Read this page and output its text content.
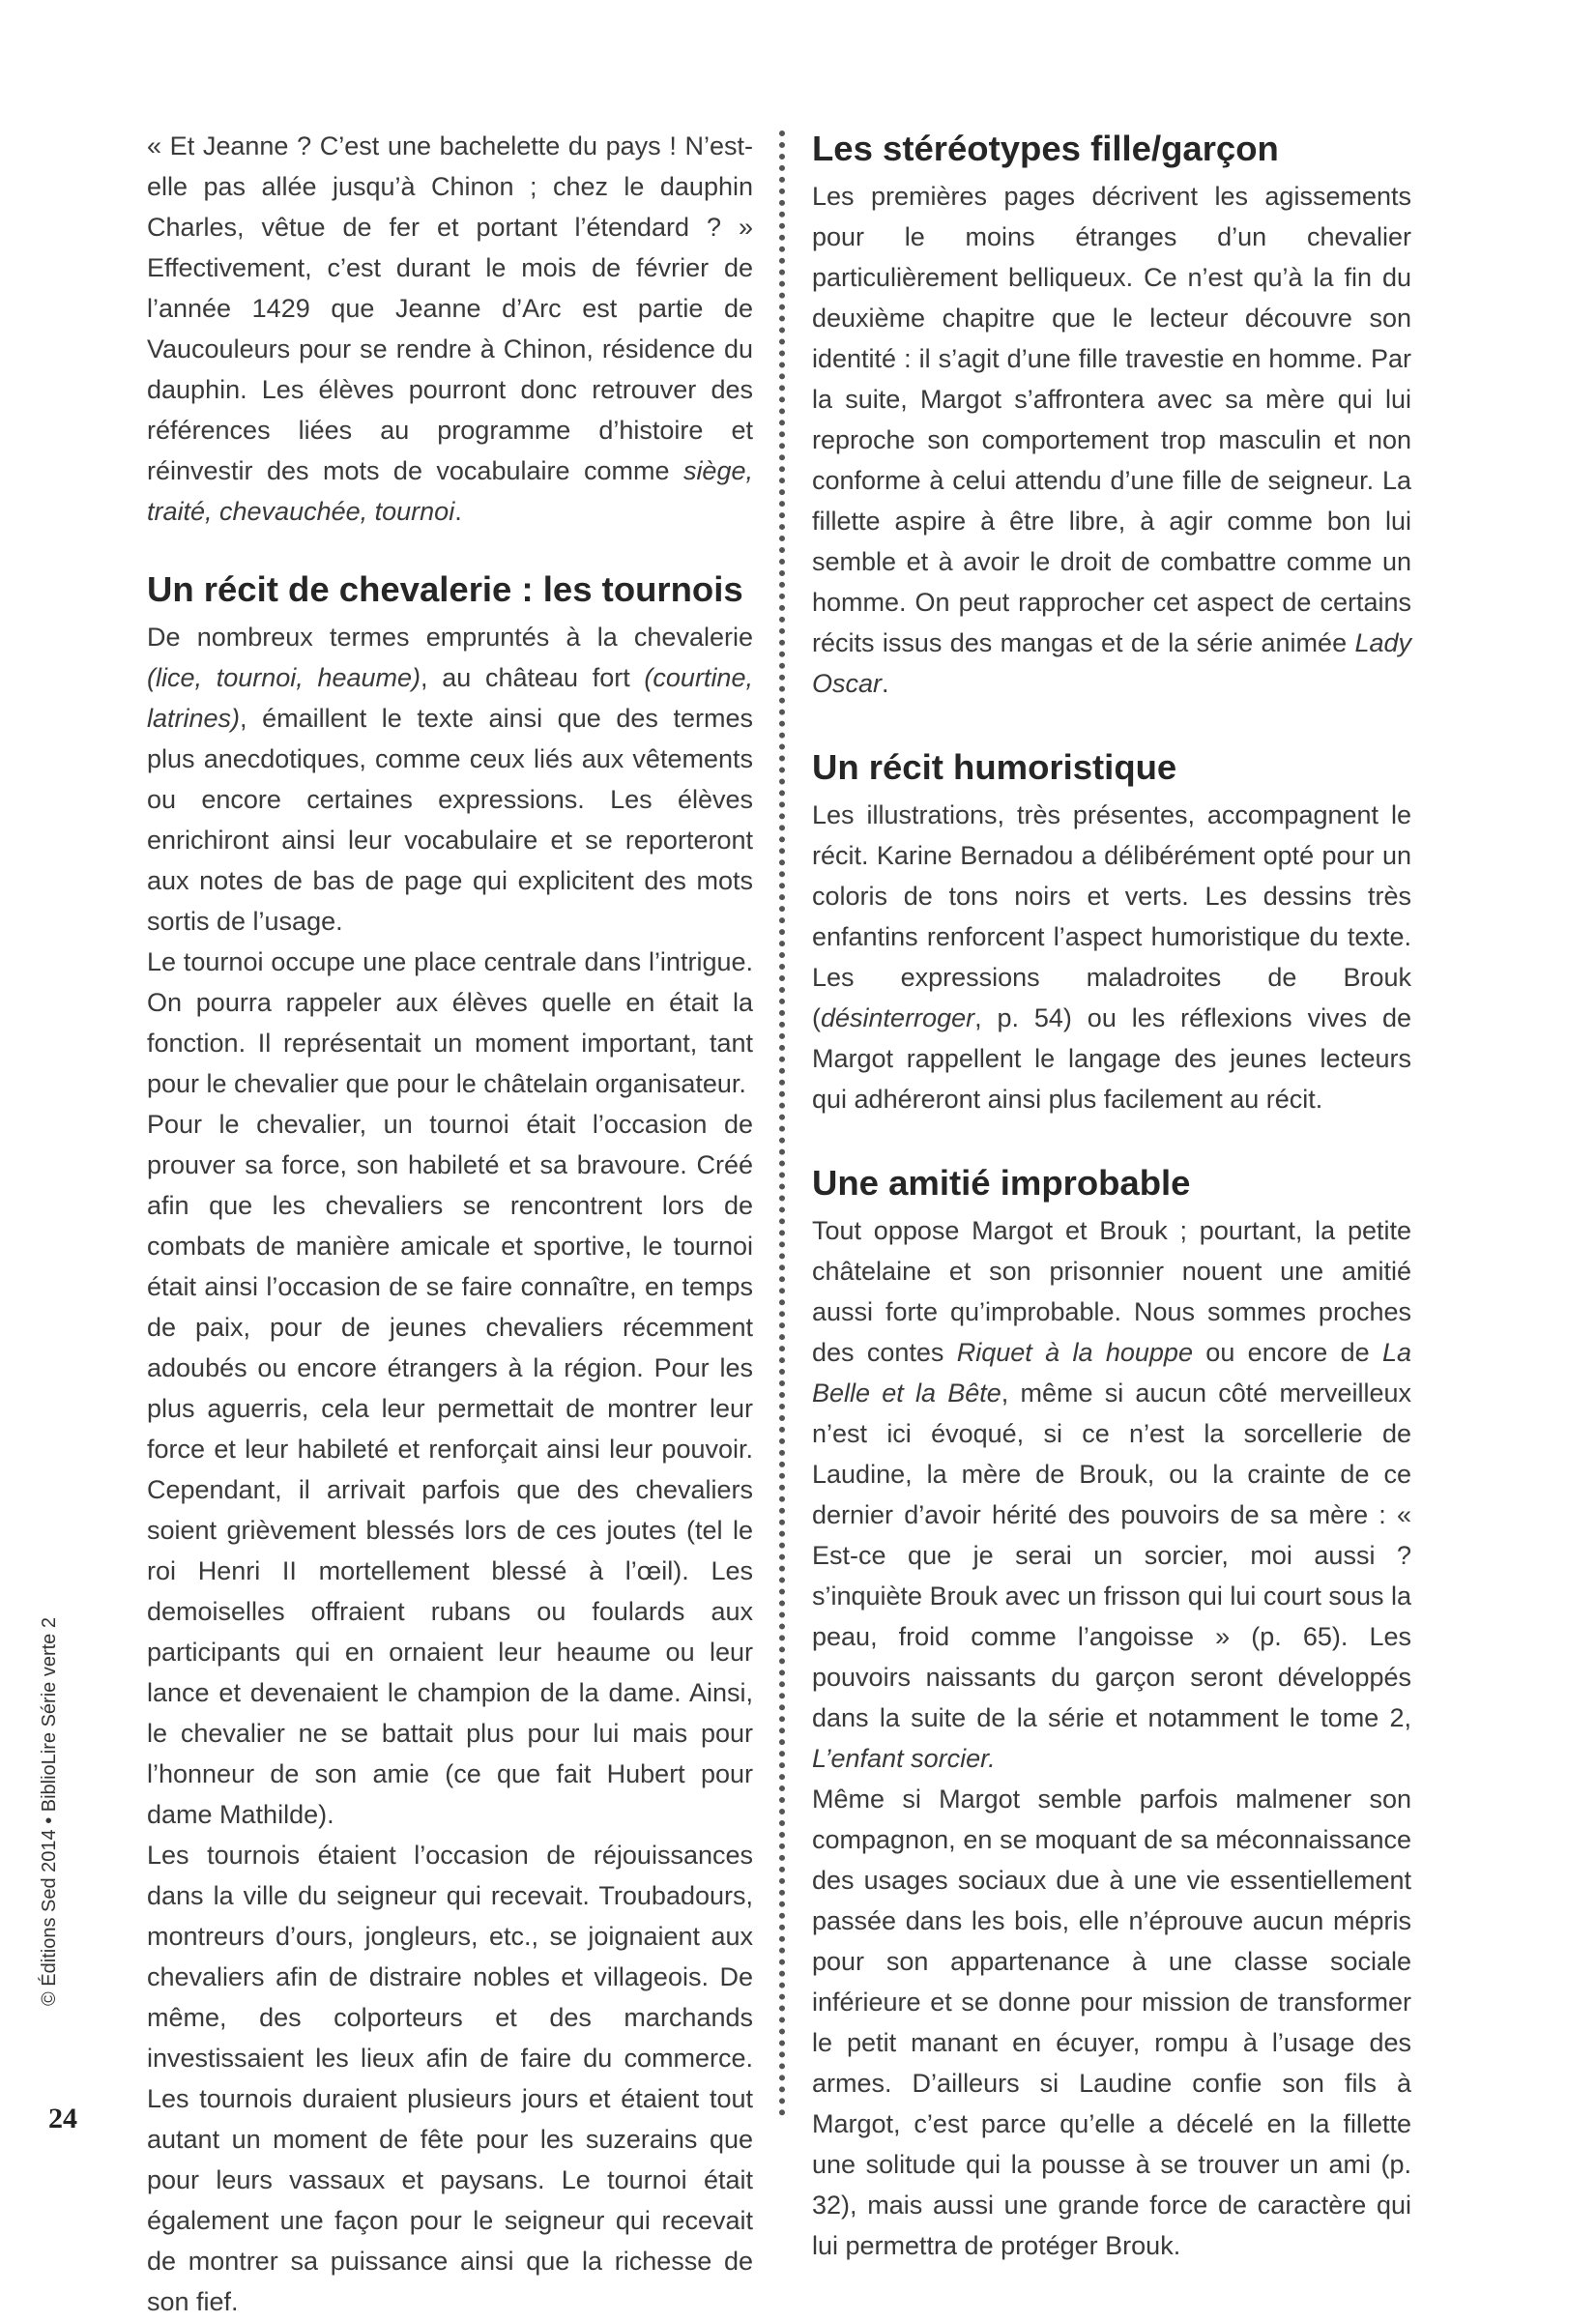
« Et Jeanne ? C’est une bachelette du pays ! N’est-elle pas allée jusqu’à Chinon ; chez le dauphin Charles, vêtue de fer et portant l’étendard ? » Effectivement, c’est durant le mois de février de l’année 1429 que Jeanne d’Arc est partie de Vaucouleurs pour se rendre à Chinon, résidence du dauphin. Les élèves pourront donc retrouver des références liées au programme d’histoire et réinvestir des mots de vocabulaire comme siège, traité, chevauchée, tournoi.

Un récit de chevalerie : les tournois

De nombreux termes empruntés à la chevalerie (lice, tournoi, heaume), au château fort (courtine, latrines), émaillent le texte ainsi que des termes plus anecdotiques, comme ceux liés aux vêtements ou encore certaines expressions. Les élèves enrichiront ainsi leur vocabulaire et se reporteront aux notes de bas de page qui explicitent des mots sortis de l’usage.

Le tournoi occupe une place centrale dans l’intrigue. On pourra rappeler aux élèves quelle en était la fonction. Il représentait un moment important, tant pour le chevalier que pour le châtelain organisateur.

Pour le chevalier, un tournoi était l’occasion de prouver sa force, son habileté et sa bravoure. Créé afin que les chevaliers se rencontrent lors de combats de manière amicale et sportive, le tournoi était ainsi l’occasion de se faire connaître, en temps de paix, pour de jeunes chevaliers récemment adoubés ou encore étrangers à la région. Pour les plus aguerris, cela leur permettait de montrer leur force et leur habileté et renforçait ainsi leur pouvoir. Cependant, il arrivait parfois que des chevaliers soient grièvement blessés lors de ces joutes (tel le roi Henri II mortellement blessé à l’œil). Les demoiselles offraient rubans ou foulards aux participants qui en ornaient leur heaume ou leur lance et devenaient le champion de la dame. Ainsi, le chevalier ne se battait plus pour lui mais pour l’honneur de son amie (ce que fait Hubert pour dame Mathilde).

Les tournois étaient l’occasion de réjouissances dans la ville du seigneur qui recevait. Troubadours, montreurs d’ours, jongleurs, etc., se joignaient aux chevaliers afin de distraire nobles et villageois. De même, des colporteurs et des marchands investissaient les lieux afin de faire du commerce. Les tournois duraient plusieurs jours et étaient tout autant un moment de fête pour les suzerains que pour leurs vassaux et paysans. Le tournoi était également une façon pour le seigneur qui recevait de montrer sa puissance ainsi que la richesse de son fief.

Les stéréotypes fille/garçon

Les premières pages décrivent les agissements pour le moins étranges d’un chevalier particulièrement belliqueux. Ce n’est qu’à la fin du deuxième chapitre que le lecteur découvre son identité : il s’agit d’une fille travestie en homme. Par la suite, Margot s’affrontera avec sa mère qui lui reproche son comportement trop masculin et non conforme à celui attendu d’une fille de seigneur. La fillette aspire à être libre, à agir comme bon lui semble et à avoir le droit de combattre comme un homme. On peut rapprocher cet aspect de certains récits issus des mangas et de la série animée Lady Oscar.

Un récit humoristique

Les illustrations, très présentes, accompagnent le récit. Karine Bernadou a délibérément opté pour un coloris de tons noirs et verts. Les dessins très enfantins renforcent l’aspect humoristique du texte. Les expressions maladroites de Brouk (désinterroger, p. 54) ou les réflexions vives de Margot rappellent le langage des jeunes lecteurs qui adhéreront ainsi plus facilement au récit.

Une amitié improbable

Tout oppose Margot et Brouk ; pourtant, la petite châtelaine et son prisonnier nouent une amitié aussi forte qu’improbable. Nous sommes proches des contes Riquet à la houppe ou encore de La Belle et la Bête, même si aucun côté merveilleux n’est ici évoqué, si ce n’est la sorcellerie de Laudine, la mère de Brouk, ou la crainte de ce dernier d’avoir hérité des pouvoirs de sa mère : « Est-ce que je serai un sorcier, moi aussi ? s’inquiète Brouk avec un frisson qui lui court sous la peau, froid comme l’angoisse » (p. 65). Les pouvoirs naissants du garçon seront développés dans la suite de la série et notamment le tome 2, L’enfant sorcier.

Même si Margot semble parfois malmener son compagnon, en se moquant de sa méconnaissance des usages sociaux due à une vie essentiellement passée dans les bois, elle n’éprouve aucun mépris pour son appartenance à une classe sociale inférieure et se donne pour mission de transformer le petit manant en écuyer, rompu à l’usage des armes. D’ailleurs si Laudine confie son fils à Margot, c’est parce qu’elle a décelé en la fillette une solitude qui la pousse à se trouver un ami (p. 32), mais aussi une grande force de caractère qui lui permettra de protéger Brouk.

© Éditions Sed 2014 • BiblioLire Série verte 2
24
